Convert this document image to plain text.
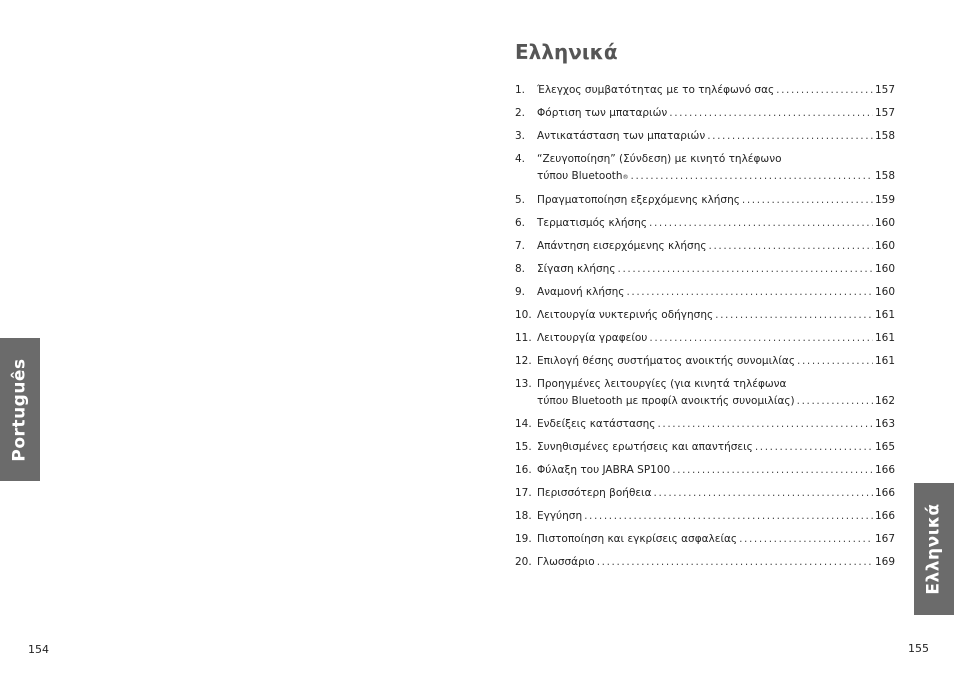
Português
154
Ελληνικά
1.	Έλεγχος συμβατότητας με το τηλέφωνό σας .....	157
2.	Φόρτιση των μπαταριών .....	157
3.	Αντικατάσταση των μπαταριών .....	158
4.	“Ζευγοποίηση” (Σύνδεση) με κινητό τηλέφωνο
τύπου Bluetooth ® .....	158
5.	Πραγματοποίηση εξερχόμενης κλήσης .....	159
6.	Τερματισμός κλήσης .....	160
7.	Απάντηση εισερχόμενης κλήσης .....	160
8.	Σίγαση κλήσης .....	160
9.	Αναμονή κλήσης .....	160
10. Λειτουργία νυκτερινής οδήγησης .....	161
11. Λειτουργία γραφείου .....	161
12. Επιλογή θέσης συστήματος ανοικτής συνομιλίας .....	161
13. Προηγμένες λειτουργίες (για κινητά τηλέφωνα
τύπου Bluetooth με προφίλ ανοικτής συνομιλίας) .....	162
14. Ενδείξεις κατάστασης .....	163
15. Συνηθισμένες ερωτήσεις και απαντήσεις .....	165
16. Φύλαξη του JABRA SP100 .....	166
17. Περισσότερη βοήθεια .....	166
18. Εγγύηση .....	166
19. Πιστοποίηση και εγκρίσεις ασφαλείας .....	167
20. Γλωσσάριο .....	169 Ελληνικά
155
